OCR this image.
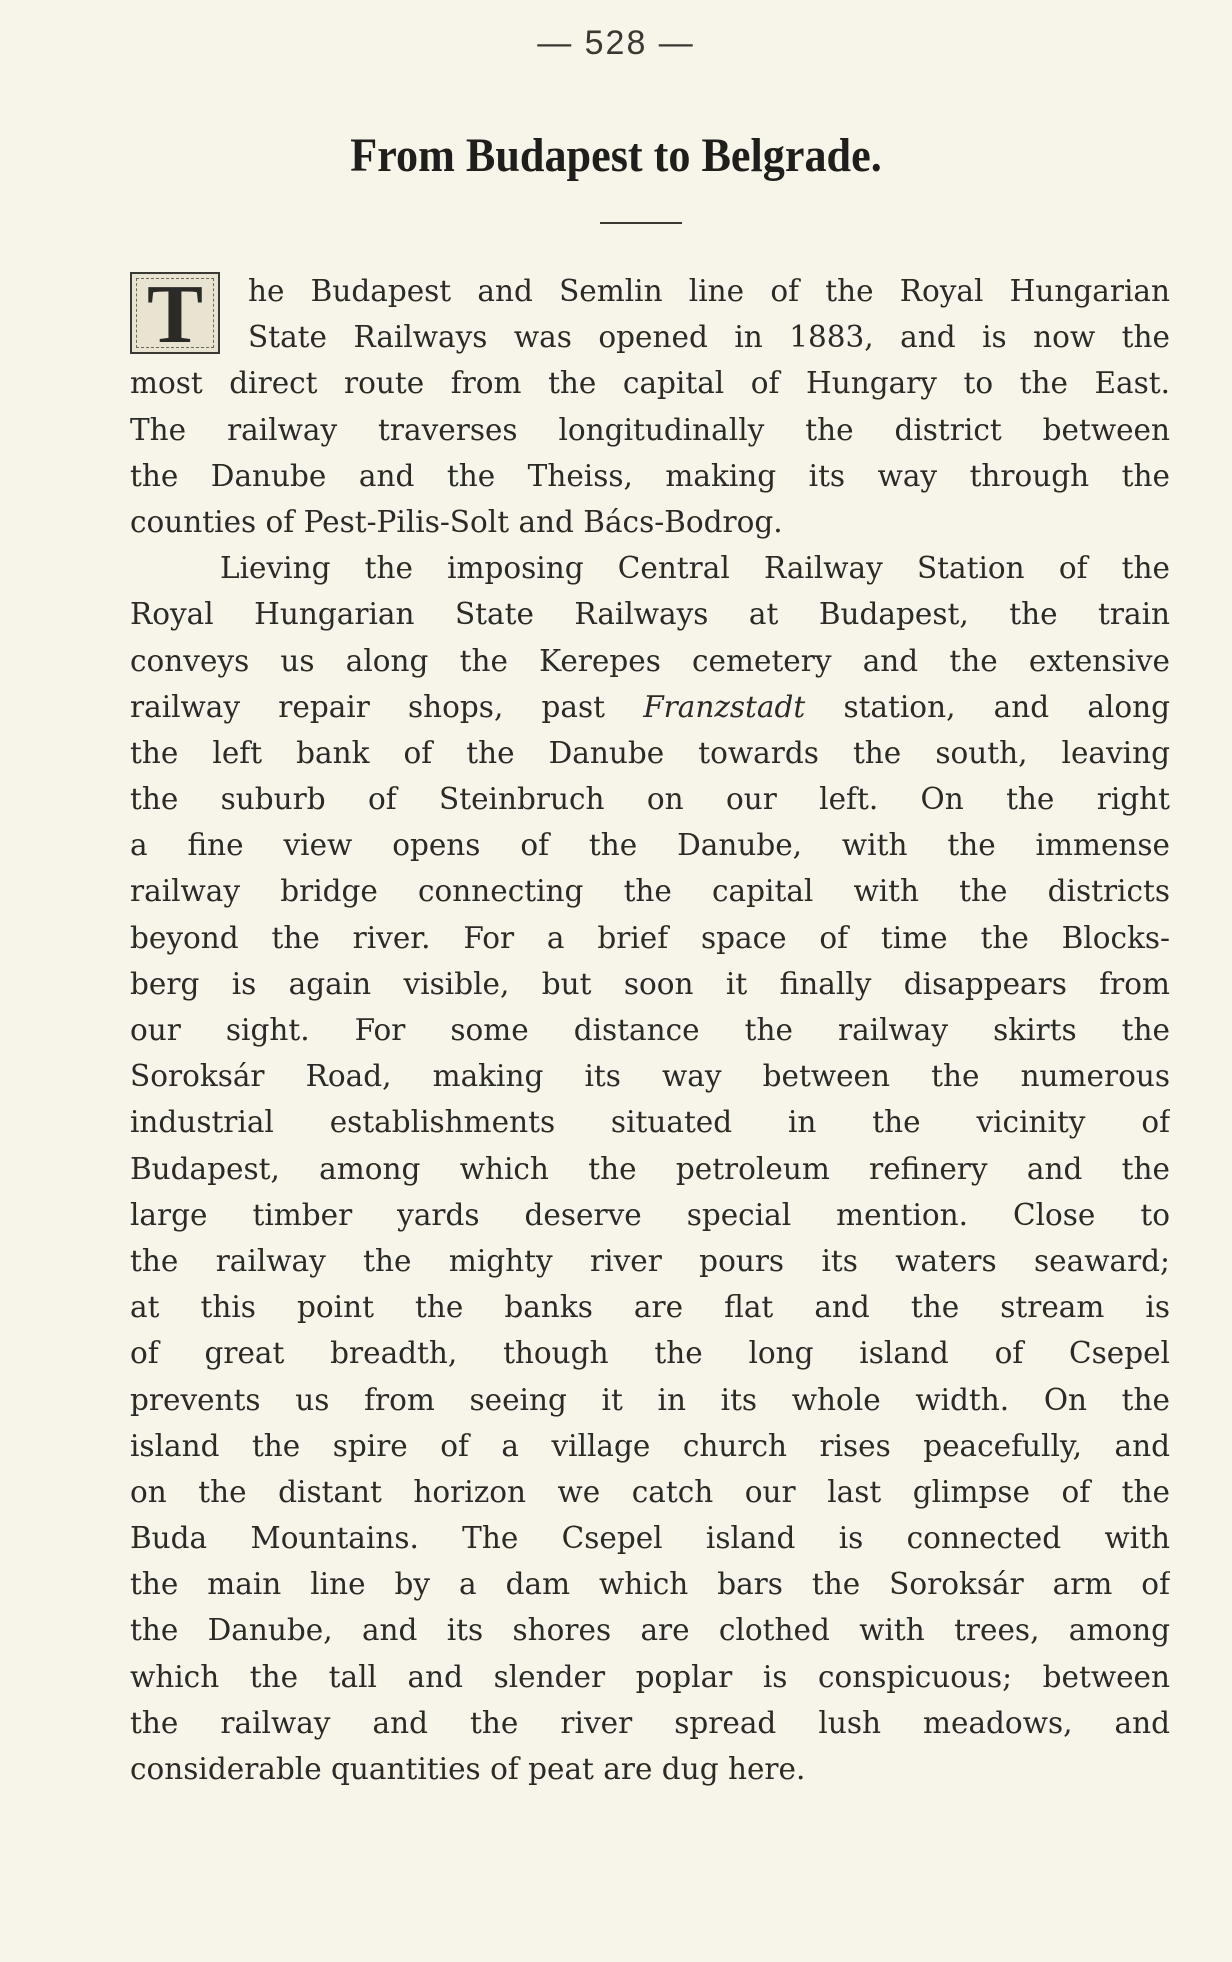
— 528 —
From Budapest to Belgrade.
T	he Budapest and Semlin line of the Royal Hungarian
State Railways was opened in 1883, and is now the
most direct route from the capital of Hungary to the East.
The railway traverses longitudinally the district between
the Danube and the Theiss, making its way through the
counties of Pest-Pilis-Solt and Bács-Bodrog.
Lieving the imposing Central Railway Station of the
Royal Hungarian State Railways at Budapest, the train
conveys us along the Kerepes cemetery and the extensive
railway repair shops, past Franzstadt station, and along
the left bank of the Danube towards the south, leaving
the suburb of Steinbruch on our left. On the right
a fine view opens of the Danube, with the immense
railway bridge connecting the capital with the districts
beyond the river. For a brief space of time the Blocks-
berg is again visible, but soon it finally disappears from
our sight. For some distance the railway skirts the
Soroksár Road, making its way between the numerous
industrial establishments situated in the vicinity of
Budapest, among which the petroleum refinery and the
large timber yards deserve special mention. Close to
the railway the mighty river pours its waters seaward;
at this point the banks are flat and the stream is
of great breadth, though the long island of Csepel
prevents us from seeing it in its whole width. On the
island the spire of a village church rises peacefully, and
on the distant horizon we catch our last glimpse of the
Buda Mountains. The Csepel island is connected with
the main line by a dam which bars the Soroksár arm of
the Danube, and its shores are clothed with trees, among
which the tall and slender poplar is conspicuous; between
the railway and the river spread lush meadows, and
considerable quantities of peat are dug here.
